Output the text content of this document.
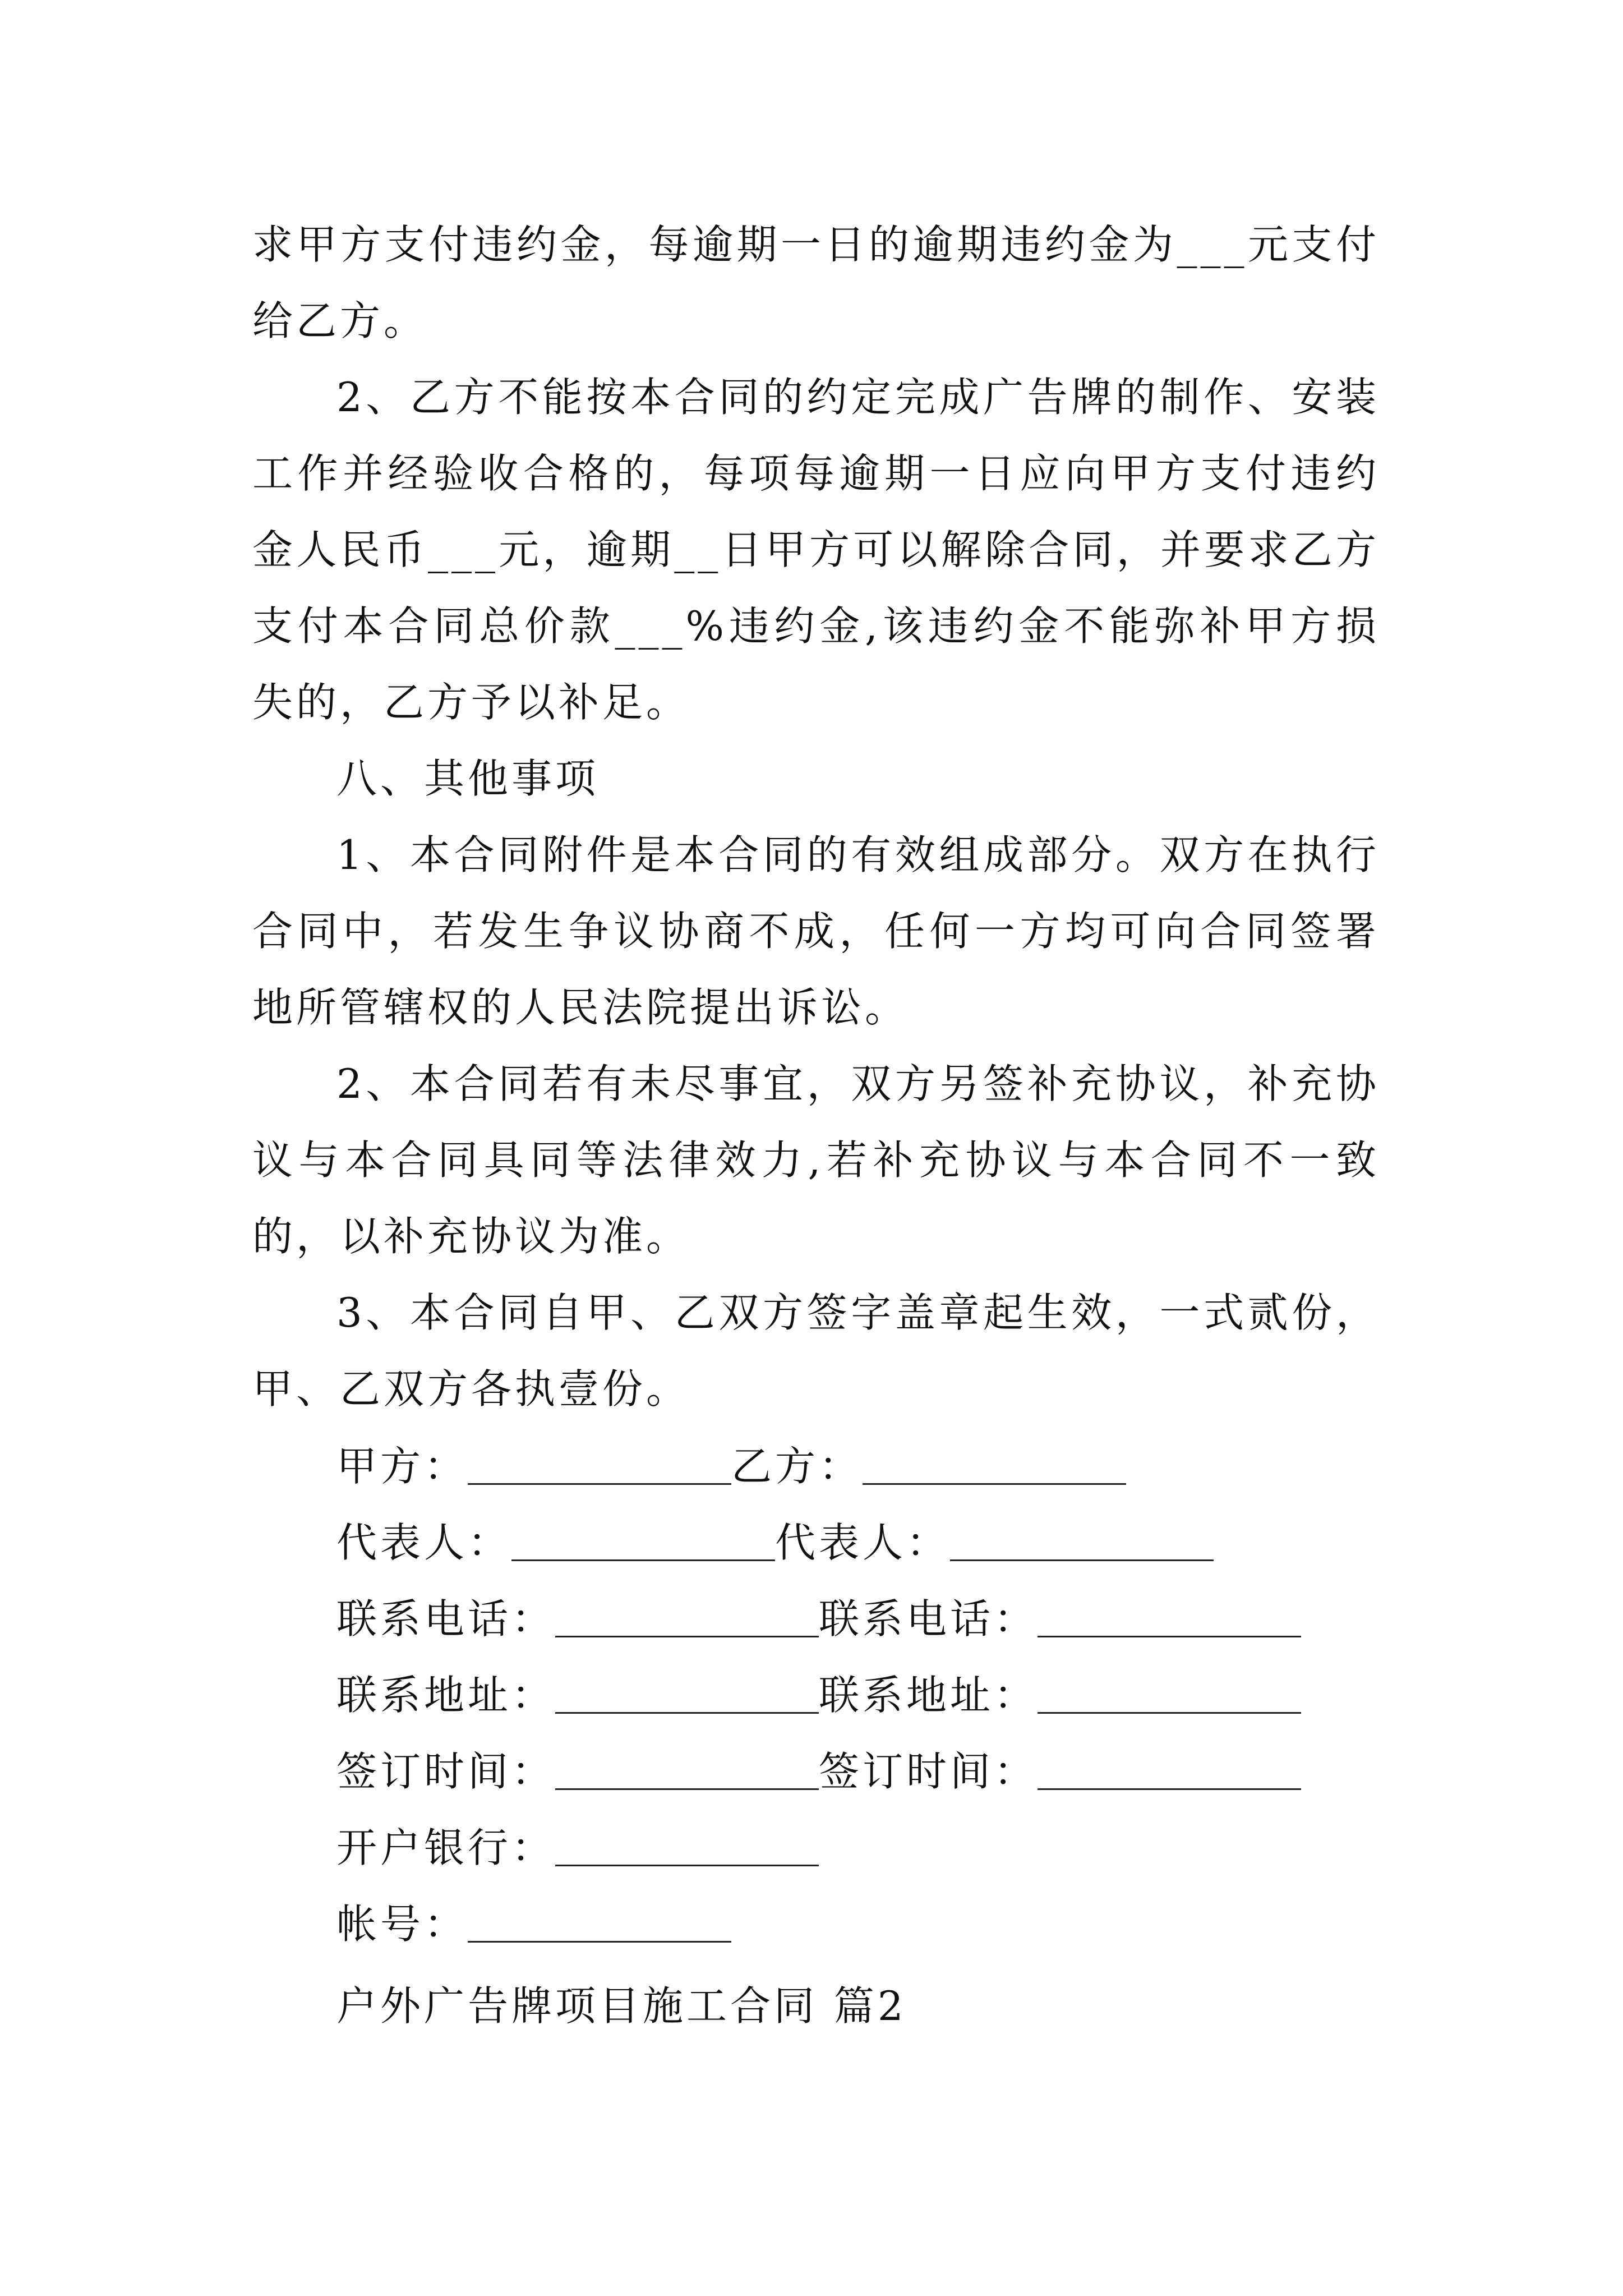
求甲方支付违约金，每逾期一日的逾期违约金为___元支付给乙方。

2、乙方不能按本合同的约定完成广告牌的制作、安装工作并经验收合格的，每项每逾期一日应向甲方支付违约金人民币___元，逾期__日甲方可以解除合同，并要求乙方支付本合同总价款___%违约金,该违约金不能弥补甲方损失的，乙方予以补足。

八、其他事项

1、本合同附件是本合同的有效组成部分。双方在执行合同中，若发生争议协商不成，任何一方均可向合同签署地所管辖权的人民法院提出诉讼。

2、本合同若有未尽事宜，双方另签补充协议，补充协议与本合同具同等法律效力,若补充协议与本合同不一致的，以补充协议为准。

3、本合同自甲、乙双方签字盖章起生效，一式贰份，甲、乙双方各执壹份。

甲方：	乙方：
代表人：	代表人：
联系电话：	联系电话：
联系地址：	联系地址：
签订时间：	签订时间：
开户银行：
帐号：
户外广告牌项目施工合同 篇2
